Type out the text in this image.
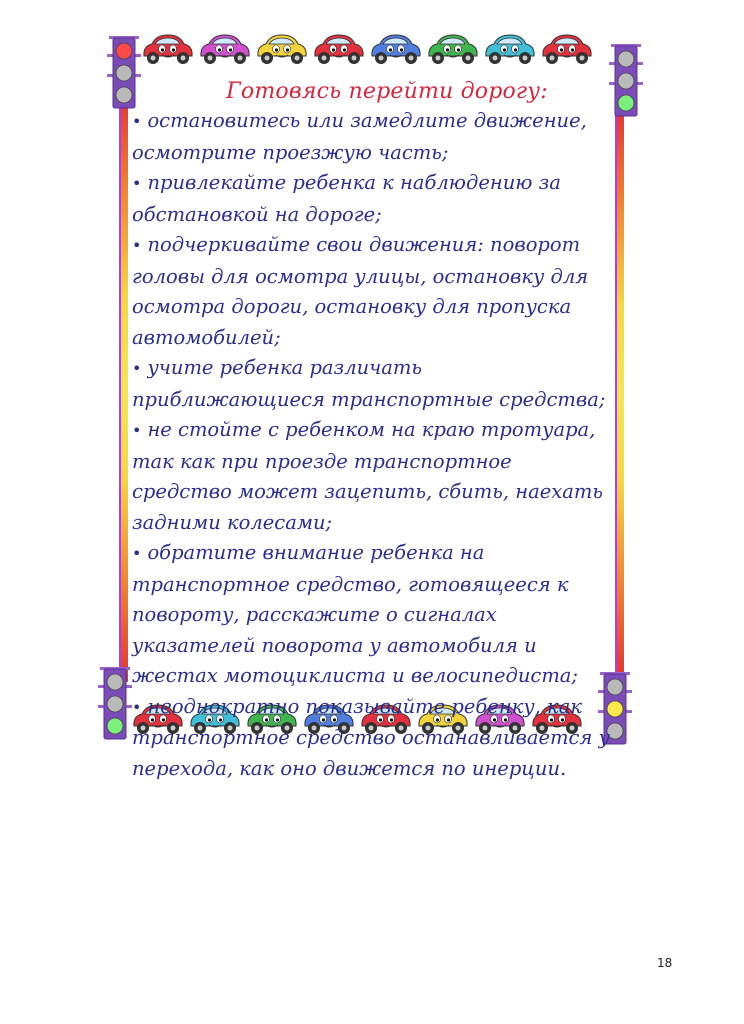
Готовясь перейти дорогу:
• остановитесь или замедлите движение, осмотрите проезжую часть;
• привлекайте ребенка к наблюдению за обстановкой на дороге;
• подчеркивайте свои движения: поворот головы для осмотра улицы, остановку для осмотра дороги, остановку для пропуска автомобилей;
• учите ребенка различать приближающиеся транспортные средства;
• не стойте с ребенком на краю тротуара, так как при проезде транспортное средство может зацепить, сбить, наехать задними колесами;
• обратите внимание ребенка на транспортное средство, готовящееся к повороту, расскажите о сигналах указателей поворота у автомобиля и жестах мотоциклиста и велосипедиста;
• неоднократно показывайте ребенку, как транспортное средство останавливается у перехода, как оно движется по инерции.
18
